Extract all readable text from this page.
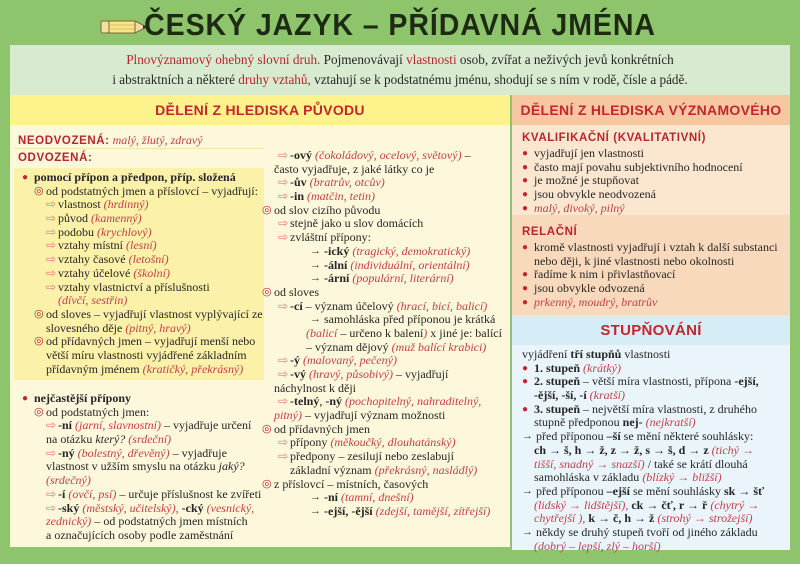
ČESKÝ JAZYK – PŘÍDAVNÁ JMÉNA
Plnovýznamový ohebný slovní druh. Pojmenovávají vlastnosti osob, zvířat a neživých jevů konkrétních
i abstraktních a některé druhy vztahů, vztahují se k podstatnému jménu, shodují se s ním v rodě, čísle a pádě.
DĚLENÍ Z HLEDISKA PŮVODU	DĚLENÍ Z HLEDISKA VÝZNAMOVÉHO
NEODVOZENÁ: malý, žlutý, zdravý
ODVOZENÁ:
● pomocí přípon a předpon, příp. složená
◎ od podstatných jmen a příslovcí – vyjadřují:
⇨ vlastnost (hrdinný)
⇨ původ (kamenný)
⇨ podobu (krychlový)
⇨ vztahy místní (lesní)
⇨ vztahy časové (letošní)
⇨ vztahy účelové (školní)
⇨ vztahy vlastnictví a příslušnosti
(dívčí, sestřin)
◎ od sloves – vyjadřují vlastnost vyplývající ze
slovesného děje (pitný, hravý)
◎ od přídavných jmen – vyjadřují menší nebo
větší míru vlastnosti vyjádřené základním
přídavným jménem (kratičký, překrásný)
● nejčastější přípony
◎ od podstatných jmen:
⇨ -ní (jarní, slavnostní) – vyjadřuje určení
na otázku který? (srdeční)
⇨ -ný (bolestný, dřevěný) – vyjadřuje
vlastnost v užším smyslu na otázku jaký?
(srdečný)
⇨ -í (ovčí, psí) – určuje příslušnost ke zvířeti
⇨ -ský (městský, učitelský), -cký (vesnický,
zednický) – od podstatných jmen místních
a označujících osoby podle zaměstnání
⇨ -ový (čokoládový, ocelový, světový) –
často vyjadřuje, z jaké látky co je
⇨ -ův (bratrův, otcův)
⇨ -in (matčin, tetin)
◎ od slov cizího původu
⇨ stejně jako u slov domácích
⇨ zvláštní přípony:
→ -ický (tragický, demokratický)
→ -ální (individuální, orientální)
→ -ární (populární, literární)
◎ od sloves
⇨ -cí – význam účelový (hrací, bicí, balicí)
→ samohláska před příponou je krátká
(balicí – určeno k balení) x jiné je: balící
– význam dějový (muž balící krabici)
⇨ -ý (malovaný, pečený)
⇨ -vý (hravý, působivý) – vyjadřují
náchylnost k ději
⇨ -telný, -ný (pochopitelný, nahraditelný,
pitný) – vyjadřují význam možnosti
◎ od přídavných jmen
⇨ přípony (měkoučký, dlouhatánský)
⇨ předpony – zesilují nebo zeslabují
základní význam (překrásný, nasládlý)
◎ z příslovcí – místních, časových
→ -ní (tamní, dnešní)
→ -ejší, -ější (zdejší, tamější, zítřejší)
KVALIFIKAČNÍ (KVALITATIVNÍ)
● vyjadřují jen vlastnosti
● často mají povahu subjektivního hodnocení
● je možné je stupňovat
● jsou obvykle neodvozená
● malý, divoký, pilný
RELAČNÍ
● kromě vlastnosti vyjadřují i vztah k další substanci
nebo ději, k jiné vlastnosti nebo okolnosti
● řadíme k nim i přivlastňovací
● jsou obvykle odvozená
● prkenný, moudrý, bratrův
STUPŇOVÁNÍ
vyjádření tří stupňů vlastnosti
● 1. stupeň (krátký)
● 2. stupeň – větší míra vlastnosti, přípona -ejší,
-ější, -ší, -í (kratší)
● 3. stupeň – největší míra vlastnosti, z druhého
stupně předponou nej- (nejkratší)
→ před příponou –ší se mění některé souhlásky:
ch → š, h → ž, z → ž, s → š, d → z (tichý →
tišší, snadný → snazší) / také se krátí dlouhá
samohláska v základu (blízký → bližší)
→ před příponou –ejší se mění souhlásky sk → šť
(lidský → lidštější), ck → čť, r → ř (chytrý →
chytřejší ), k → č, h → ž (strohý → strožejší)
→ někdy se druhý stupeň tvoří od jiného základu
(dobrý – lepší, zlý – horší)
